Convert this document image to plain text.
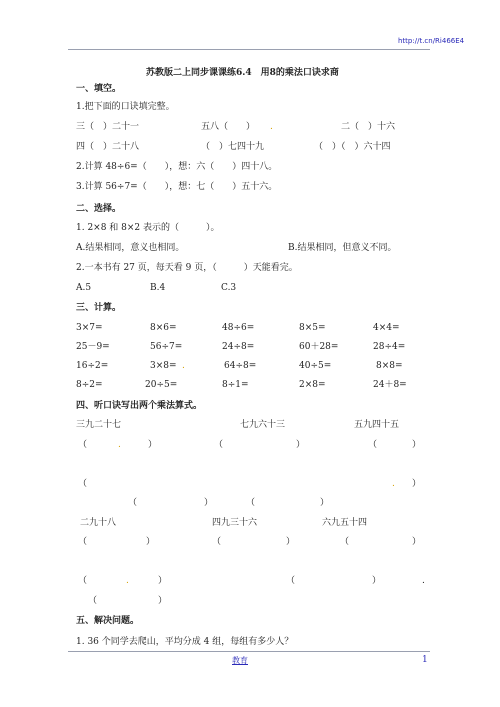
http://t.cn/Ri466E4
苏教版二上同步课课练6.4　用8的乘法口诀求商
一、填空。
1.把下面的口诀填完整。
三（　）二十一	五八（　　） .	二（　）十六
四（　）二十八	（　）七四十九	（　）（　）六十四
2.计算 48÷6=（　　），想：六（　　）四十八。
3.计算 56÷7=（　　），想：七（　　）五十六。
二、选择。
1. 2×8 和 8×2 表示的（　　　）。
A.结果相同，意义也相同。	B.结果相同，但意义不同。
2.一本书有 27 页，每天看 9 页，（　　　）天能看完。
A.5	B.4	C.3
三、计算。
3×7=	8×6=	48÷6=	8×5=	4×4=
25－9=	56÷7=	24÷8=	60＋28=	28÷4=
16÷2=	3×8= .	64÷8=	40÷5=	8×8=
8÷2=	20÷5=	8÷1=	2×8=	24＋8=
四、听口诀写出两个乘法算式。
三九二十七	七九六十三	五九四十五
（	.	）	（	）	（	）
（	. ）
（	）	（	）
二九十八	四九三十六	六九五十四
（	）	（	）	（	）
（	.	）	（	）	.
（	）
五、解决问题。
1. 36 个同学去爬山，平均分成 4 组，每组有多少人？
教育	1
